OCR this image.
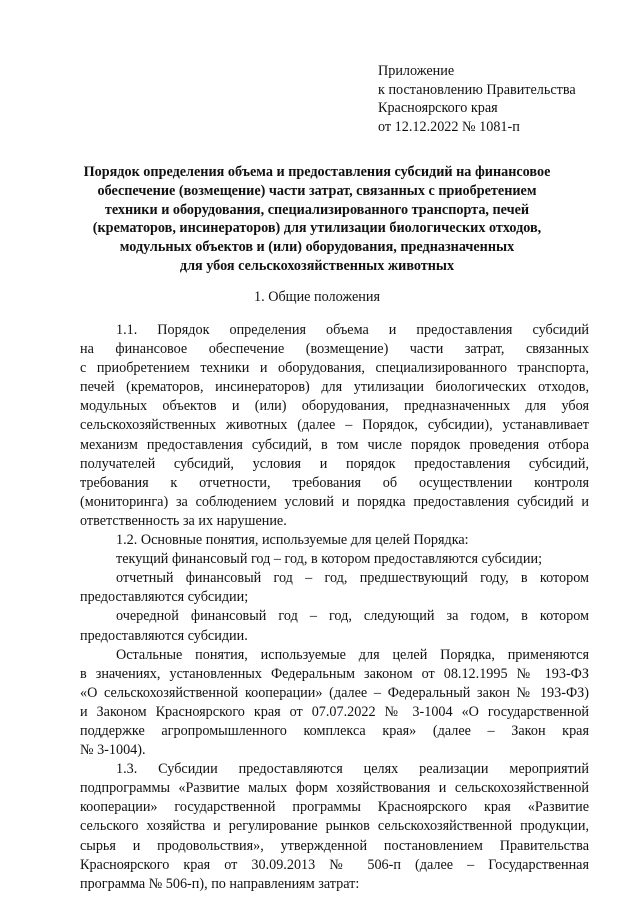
Приложение
к постановлению Правительства
Красноярского края
от 12.12.2022 № 1081-п
Порядок определения объема и предоставления субсидий на финансовое
обеспечение (возмещение) части затрат, связанных с приобретением
техники и оборудования, специализированного транспорта, печей
(крематоров, инсинераторов) для утилизации биологических отходов,
модульных объектов и (или) оборудования, предназначенных
для убоя сельскохозяйственных животных
1. Общие положения

1.1. Порядок определения объема и предоставления субсидий
на финансовое обеспечение (возмещение) части затрат, связанных
с приобретением техники и оборудования, специализированного транспорта,
печей (крематоров, инсинераторов) для утилизации биологических отходов,
модульных объектов и (или) оборудования, предназначенных для убоя
сельскохозяйственных животных (далее – Порядок, субсидии), устанавливает
механизм предоставления субсидий, в том числе порядок проведения отбора
получателей субсидий, условия и порядок предоставления субсидий,
требования к отчетности, требования об осуществлении контроля
(мониторинга) за соблюдением условий и порядка предоставления субсидий и
ответственность за их нарушение.

1.2. Основные понятия, используемые для целей Порядка:

текущий финансовый год – год, в котором предоставляются субсидии;

отчетный финансовый год – год, предшествующий году, в котором
предоставляются субсидии;

очередной финансовый год – год, следующий за годом, в котором
предоставляются субсидии.

Остальные понятия, используемые для целей Порядка, применяются
в значениях, установленных Федеральным законом от 08.12.1995 № 193-ФЗ
«О сельскохозяйственной кооперации» (далее – Федеральный закон № 193-ФЗ)
и Законом Красноярского края от 07.07.2022 № 3-1004 «О государственной
поддержке агропромышленного комплекса края» (далее – Закон края
№ 3-1004).

1.3. Субсидии предоставляются целях реализации мероприятий
подпрограммы «Развитие малых форм хозяйствования и сельскохозяйственной
кооперации» государственной программы Красноярского края «Развитие
сельского хозяйства и регулирование рынков сельскохозяйственной продукции,
сырья и продовольствия», утвержденной постановлением Правительства
Красноярского края от 30.09.2013 № 506-п (далее – Государственная
программа № 506-п), по направлениям затрат:
